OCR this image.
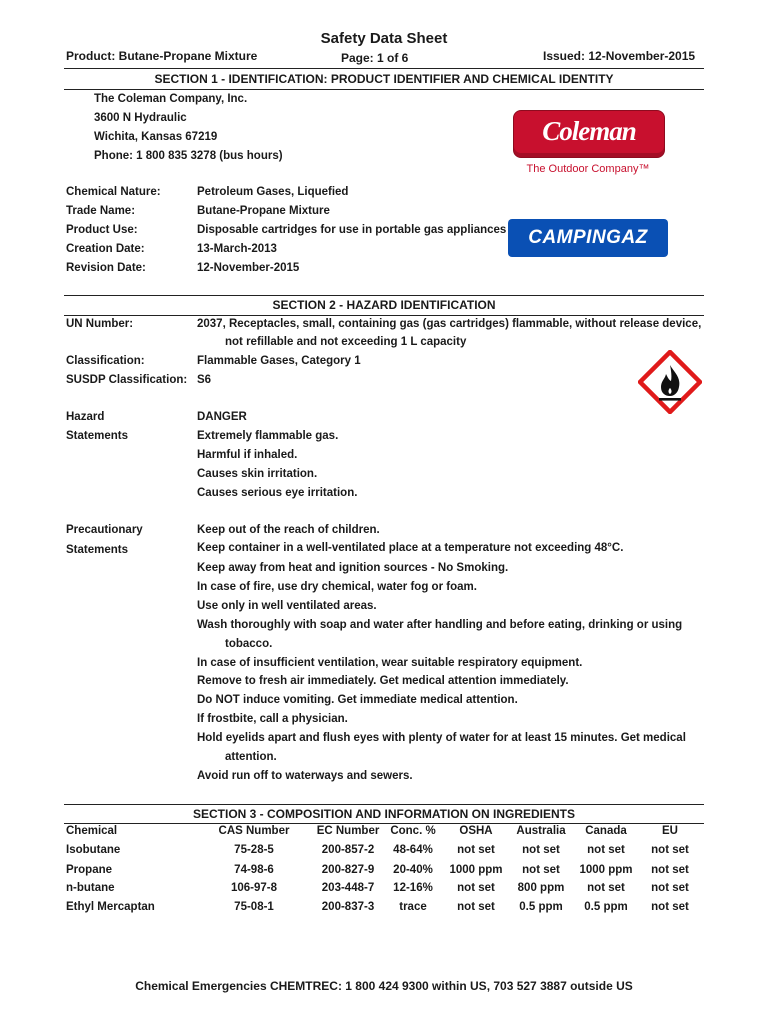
Safety Data Sheet
Product: Butane-Propane Mixture	Page: 1 of 6	Issued: 12-November-2015
SECTION 1 - IDENTIFICATION: PRODUCT IDENTIFIER AND CHEMICAL IDENTITY
The Coleman Company, Inc.
3600 N Hydraulic
Wichita, Kansas 67219
Phone: 1 800 835 3278 (bus hours)
Chemical Nature:	Petroleum Gases, Liquefied
Trade Name:	Butane-Propane Mixture
Product Use:	Disposable cartridges for use in portable gas appliances
Creation Date:	13-March-2013
Revision Date:	12-November-2015
Coleman
The Outdoor Company™
CAMPINGAZ
SECTION 2 - HAZARD IDENTIFICATION
UN Number:	2037, Receptacles, small, containing gas (gas cartridges) flammable, without release device,
not refillable and not exceeding 1 L capacity
Classification:	Flammable Gases, Category 1
SUSDP Classification: S6
Hazard
Statements
DANGER
Extremely flammable gas.
Harmful if inhaled.
Causes skin irritation.
Causes serious eye irritation.
Precautionary
Statements
Keep out of the reach of children.
Keep container in a well-ventilated place at a temperature not exceeding 48°C.
Keep away from heat and ignition sources - No Smoking.
In case of fire, use dry chemical, water fog or foam.
Use only in well ventilated areas.
Wash thoroughly with soap and water after handling and before eating, drinking or using
tobacco.
In case of insufficient ventilation, wear suitable respiratory equipment.
Remove to fresh air immediately. Get medical attention immediately.
Do NOT induce vomiting. Get immediate medical attention.
If frostbite, call a physician.
Hold eyelids apart and flush eyes with plenty of water for at least 15 minutes. Get medical
attention.
Avoid run off to waterways and sewers.
SECTION 3 - COMPOSITION AND INFORMATION ON INGREDIENTS
Chemical	CAS Number	EC Number Conc. %	OSHA	Australia	Canada	EU
Isobutane	75-28-5	200-857-2	48-64%	not set	not set	not set	not set
Propane	74-98-6	200-827-9	20-40%	1000 ppm	not set	1000 ppm	not set
n-butane	106-97-8	203-448-7	12-16%	not set	800 ppm	not set	not set
Ethyl Mercaptan	75-08-1	200-837-3	trace	not set	0.5 ppm	0.5 ppm	not set
Chemical Emergencies CHEMTREC: 1 800 424 9300 within US, 703 527 3887 outside US
